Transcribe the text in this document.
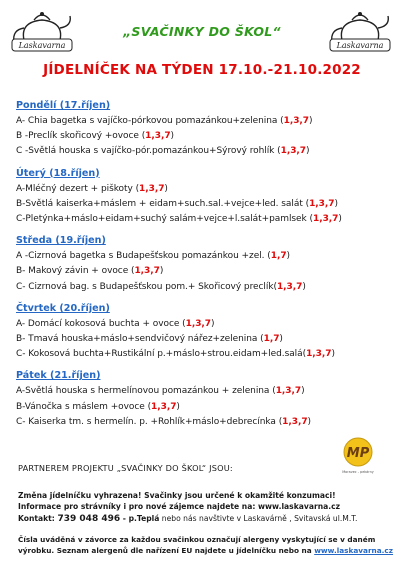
Laskavarna	Laskavarna
„SVAČINKY DO ŠKOL“
JÍDELNÍČEK NA TÝDEN 17.10.-21.10.2022
Pondělí (17.říjen)
A- Chia bagetka s vajíčko-pórkovou pomazánkou+zelenina (1,3,7)
B -Preclík skořicový +ovoce (1,3,7)
C -Světlá houska s vajíčko-pór.pomazánkou+Sýrový rohlík (1,3,7)
Úterý (18.říjen)
A-Mléčný dezert + piškoty (1,3,7)
B-Světlá kaiserka+máslem + eidam+such.sal.+vejce+led. salát (1,3,7)
C-Pletýnka+máslo+eidam+suchý salám+vejce+l.salát+pamlsek (1,3,7)
Středa (19.říjen)
A -Cizrnová bagetka s Budapešťskou pomazánkou +zel. (1,7)
B- Makový závin + ovoce (1,3,7)
C- Cizrnová bag. s Budapešťskou pom.+ Skořicový preclík(1,3,7)
Čtvrtek (20.říjen)
A- Domácí kokosová buchta + ovoce (1,3,7)
B- Tmavá houska+máslo+sendvičový nářez+zelenina (1,7)
C- Kokosová buchta+Rustikální p.+máslo+strou.eidam+led.salá(1,3,7)
Pátek (21.říjen)
A-Světlá houska s hermelínovou pomazánkou + zelenina (1,3,7)
B-Vánočka s máslem +ovoce (1,3,7)
C- Kaiserka tm. s hermelín. p. +Rohlík+máslo+debrecínka (1,3,7)
PARTNEREM PROJEKTU „SVAČINKY DO ŠKOL“ JSOU:
MP
Moravec - pekárny
Změna jídelníčku vyhrazena! Svačinky jsou určené k okamžité konzumaci!
Informace pro strávníky i pro nové zájemce najdete na: www.laskavarna.cz
Kontakt: 739 048 496 - p.Teplá nebo nás navštivte v Laskavárně , Svitavská ul.M.T.
Čísla uváděná v závorce za každou svačinkou označují alergeny vyskytující se v daném
výrobku. Seznam alergenů dle nařízení EU najdete u jídelníčku nebo na www.laskavarna.cz
